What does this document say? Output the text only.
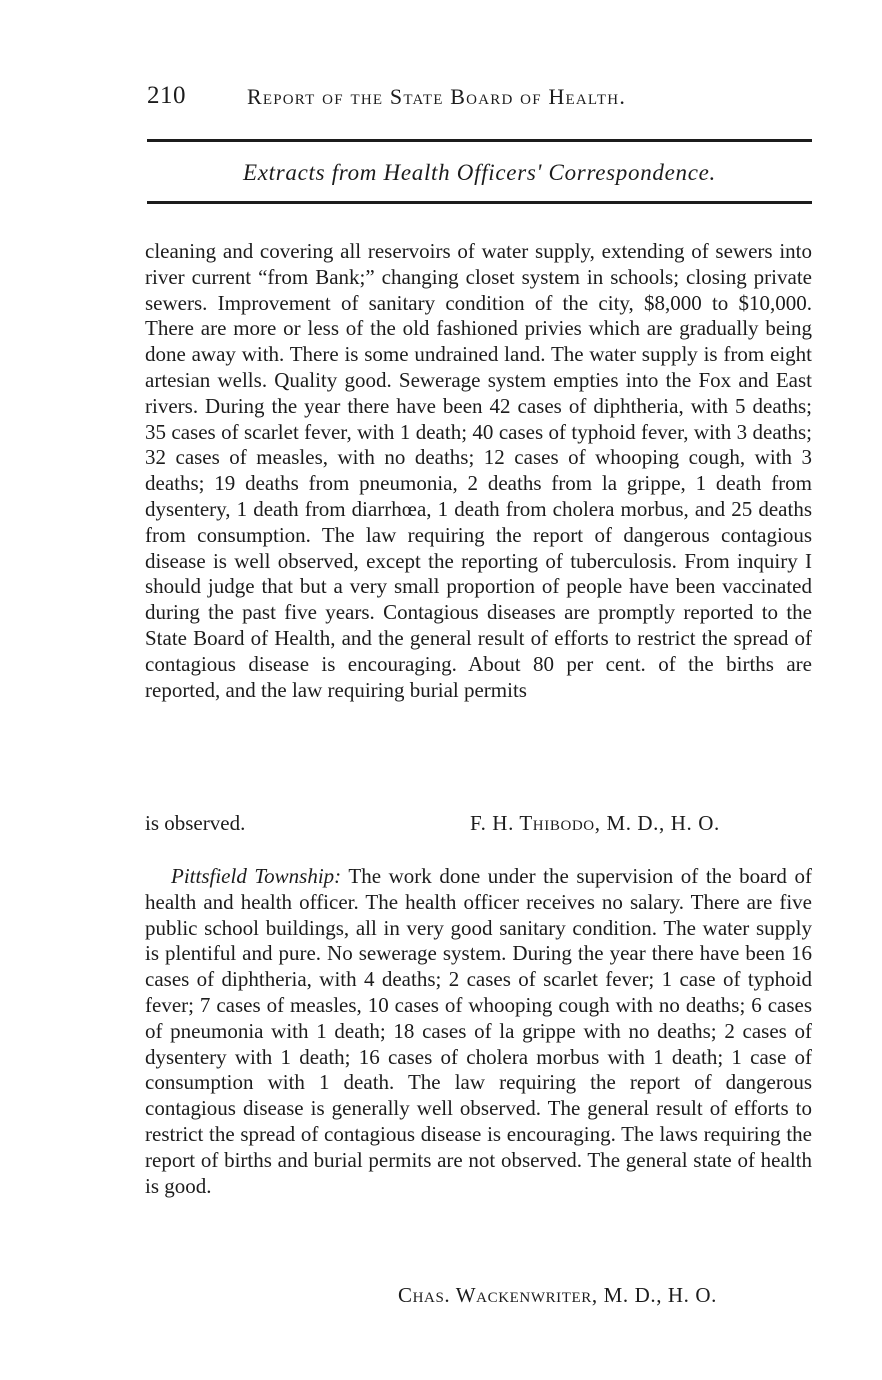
210	Report of the State Board of Health.
Extracts from Health Officers' Correspondence.

cleaning and covering all reservoirs of water supply, extending of sewers into river current “from Bank;” changing closet system in schools; closing private sewers. Improvement of sanitary condition of the city, $8,000 to $10,000. There are more or less of the old fashioned privies which are gradually being done away with. There is some undrained land. The water supply is from eight artesian wells. Quality good. Sewerage system empties into the Fox and East rivers. During the year there have been 42 cases of diphtheria, with 5 deaths; 35 cases of scarlet fever, with 1 death; 40 cases of typhoid fever, with 3 deaths; 32 cases of measles, with no deaths; 12 cases of whooping cough, with 3 deaths; 19 deaths from pneumonia, 2 deaths from la grippe, 1 death from dysentery, 1 death from diarrhœa, 1 death from cholera morbus, and 25 deaths from consumption. The law requiring the report of dangerous contagious disease is well observed, except the reporting of tuberculosis. From inquiry I should judge that but a very small proportion of people have been vaccinated during the past five years. Contagious diseases are promptly reported to the State Board of Health, and the general result of efforts to restrict the spread of contagious disease is encouraging. About 80 per cent. of the births are reported, and the law requiring burial permits

is observed.	F. H. Thibodo, M. D., H. O.

Pittsfield Township: The work done under the supervision of the board of health and health officer. The health officer receives no salary. There are five public school buildings, all in very good sanitary condition. The water supply is plentiful and pure. No sewerage system. During the year there have been 16 cases of diphtheria, with 4 deaths; 2 cases of scarlet fever; 1 case of typhoid fever; 7 cases of measles, 10 cases of whooping cough with no deaths; 6 cases of pneumonia with 1 death; 18 cases of la grippe with no deaths; 2 cases of dysentery with 1 death; 16 cases of cholera morbus with 1 death; 1 case of consumption with 1 death. The law requiring the report of dangerous contagious disease is generally well observed. The general result of efforts to restrict the spread of contagious disease is encouraging. The laws requiring the report of births and burial permits are not observed. The general state of health is good.

Chas. Wackenwriter, M. D., H. O.
